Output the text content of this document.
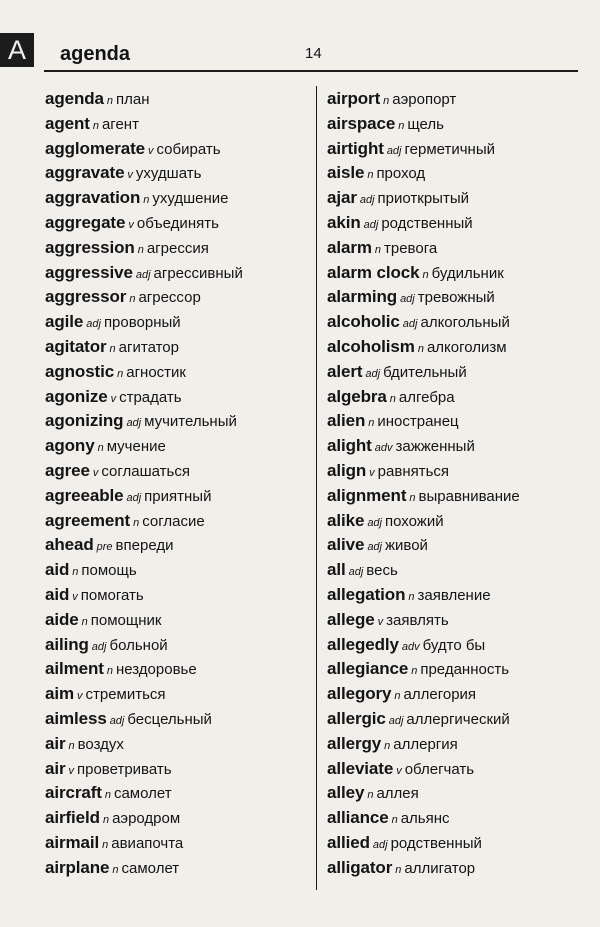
A	agenda	14
agenda n план
agent n агент
agglomerate v собирать
aggravate v ухудшать
aggravation n ухудшение
aggregate v объединять
aggression n агрессия
aggressive adj агрессивный
aggressor n агрессор
agile adj проворный
agitator n агитатор
agnostic n агностик
agonize v страдать
agonizing adj мучительный
agony n мучение
agree v соглашаться
agreeable adj приятный
agreement n согласие
ahead pre впереди
aid n помощь
aid v помогать
aide n помощник
ailing adj больной
ailment n нездоровье
aim v стремиться
aimless adj бесцельный
air n воздух
air v проветривать
aircraft n самолет
airfield n аэродром
airmail n авиапочта
airplane n самолет
airport n аэропорт
airspace n щель
airtight adj герметичный
aisle n проход
ajar adj приоткрытый
akin adj родственный
alarm n тревога
alarm clock n будильник
alarming adj тревожный
alcoholic adj алкогольный
alcoholism n алкоголизм
alert adj бдительный
algebra n алгебра
alien n иностранец
alight adv зажженный
align v равняться
alignment n выравнивание
alike adj похожий
alive adj живой
all adj весь
allegation n заявление
allege v заявлять
allegedly adv будто бы
allegiance n преданность
allegory n аллегория
allergic adj аллергический
allergy n аллергия
alleviate v облегчать
alley n аллея
alliance n альянс
allied adj родственный
alligator n аллигатор
